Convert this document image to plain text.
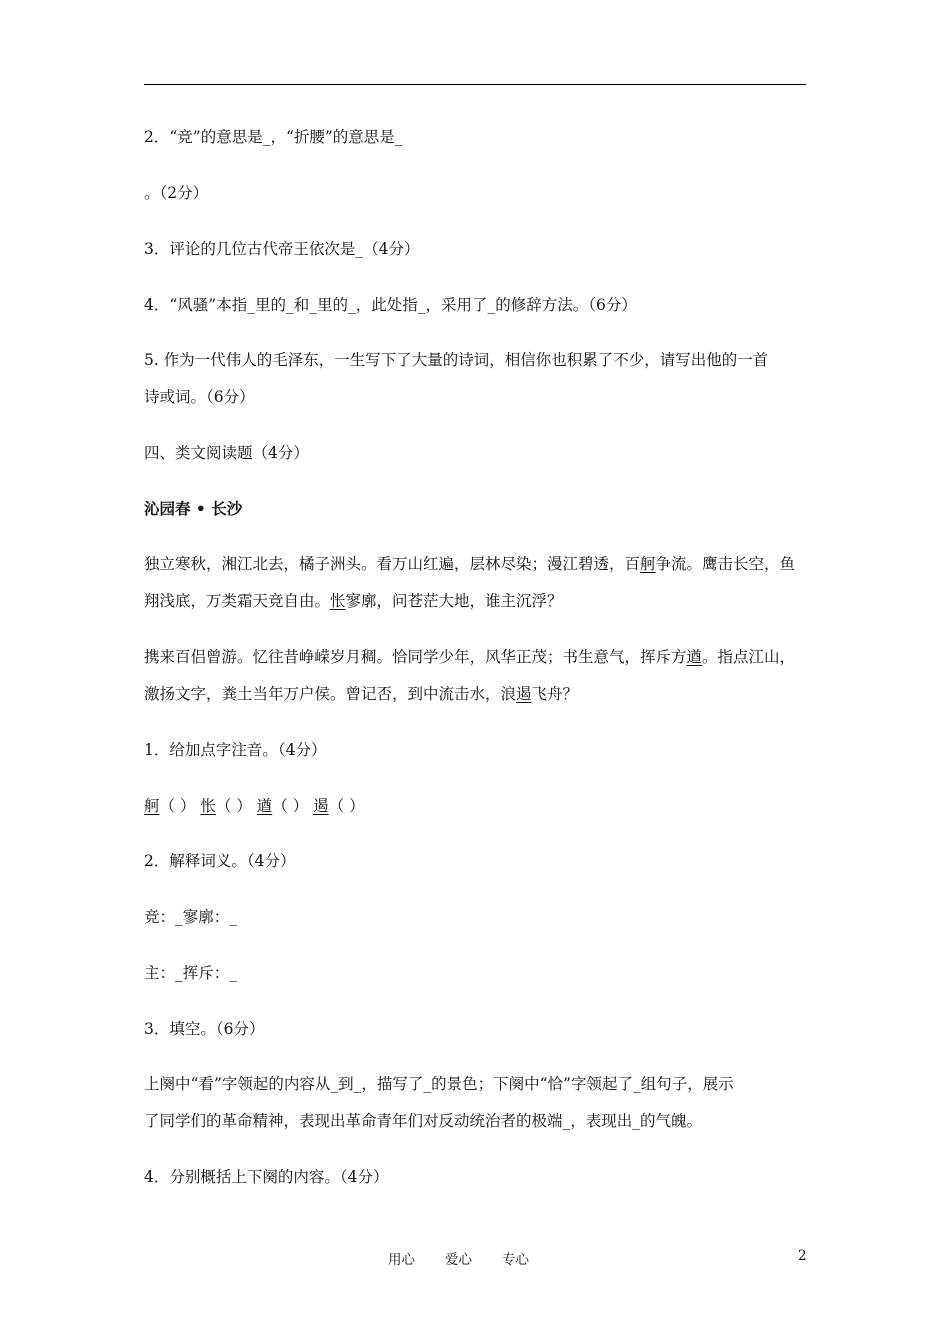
2．“竞”的意思是_，“折腰”的意思是_
。（2分）
3．评论的几位古代帝王依次是_（4分）
4．“风骚”本指_里的_和_里的_，此处指_，采用了_的修辞方法。（6分）
5. 作为一代伟人的毛泽东，一生写下了大量的诗词，相信你也积累了不少，请写出他的一首
诗或词。（6分）
四、类文阅读题（4分）
沁园春 • 长沙
独立寒秋，湘江北去，橘子洲头。看万山红遍，层林尽染；漫江碧透，百舸争流。鹰击长空，鱼
翔浅底，万类霜天竞自由。怅寥廓，问苍茫大地，谁主沉浮？
携来百侣曾游。忆往昔峥嵘岁月稠。恰同学少年，风华正茂；书生意气，挥斥方遒。指点江山，
激扬文字，粪土当年万户侯。曾记否，到中流击水，浪遏飞舟？
1．给加点字注音。（4分）
舸（ ） 怅（ ） 遒（ ） 遏（ ）
2．解释词义。（4分）
竞：_寥廓：_
主：_挥斥：_
3．填空。（6分）
上阕中“看”字领起的内容从_到_，描写了_的景色；下阕中“恰”字领起了_组句子，展示
了同学们的革命精神，表现出革命青年们对反动统治者的极端_，表现出_的气魄。
4．分别概括上下阕的内容。（4分）
用心 爱心 专心	2
